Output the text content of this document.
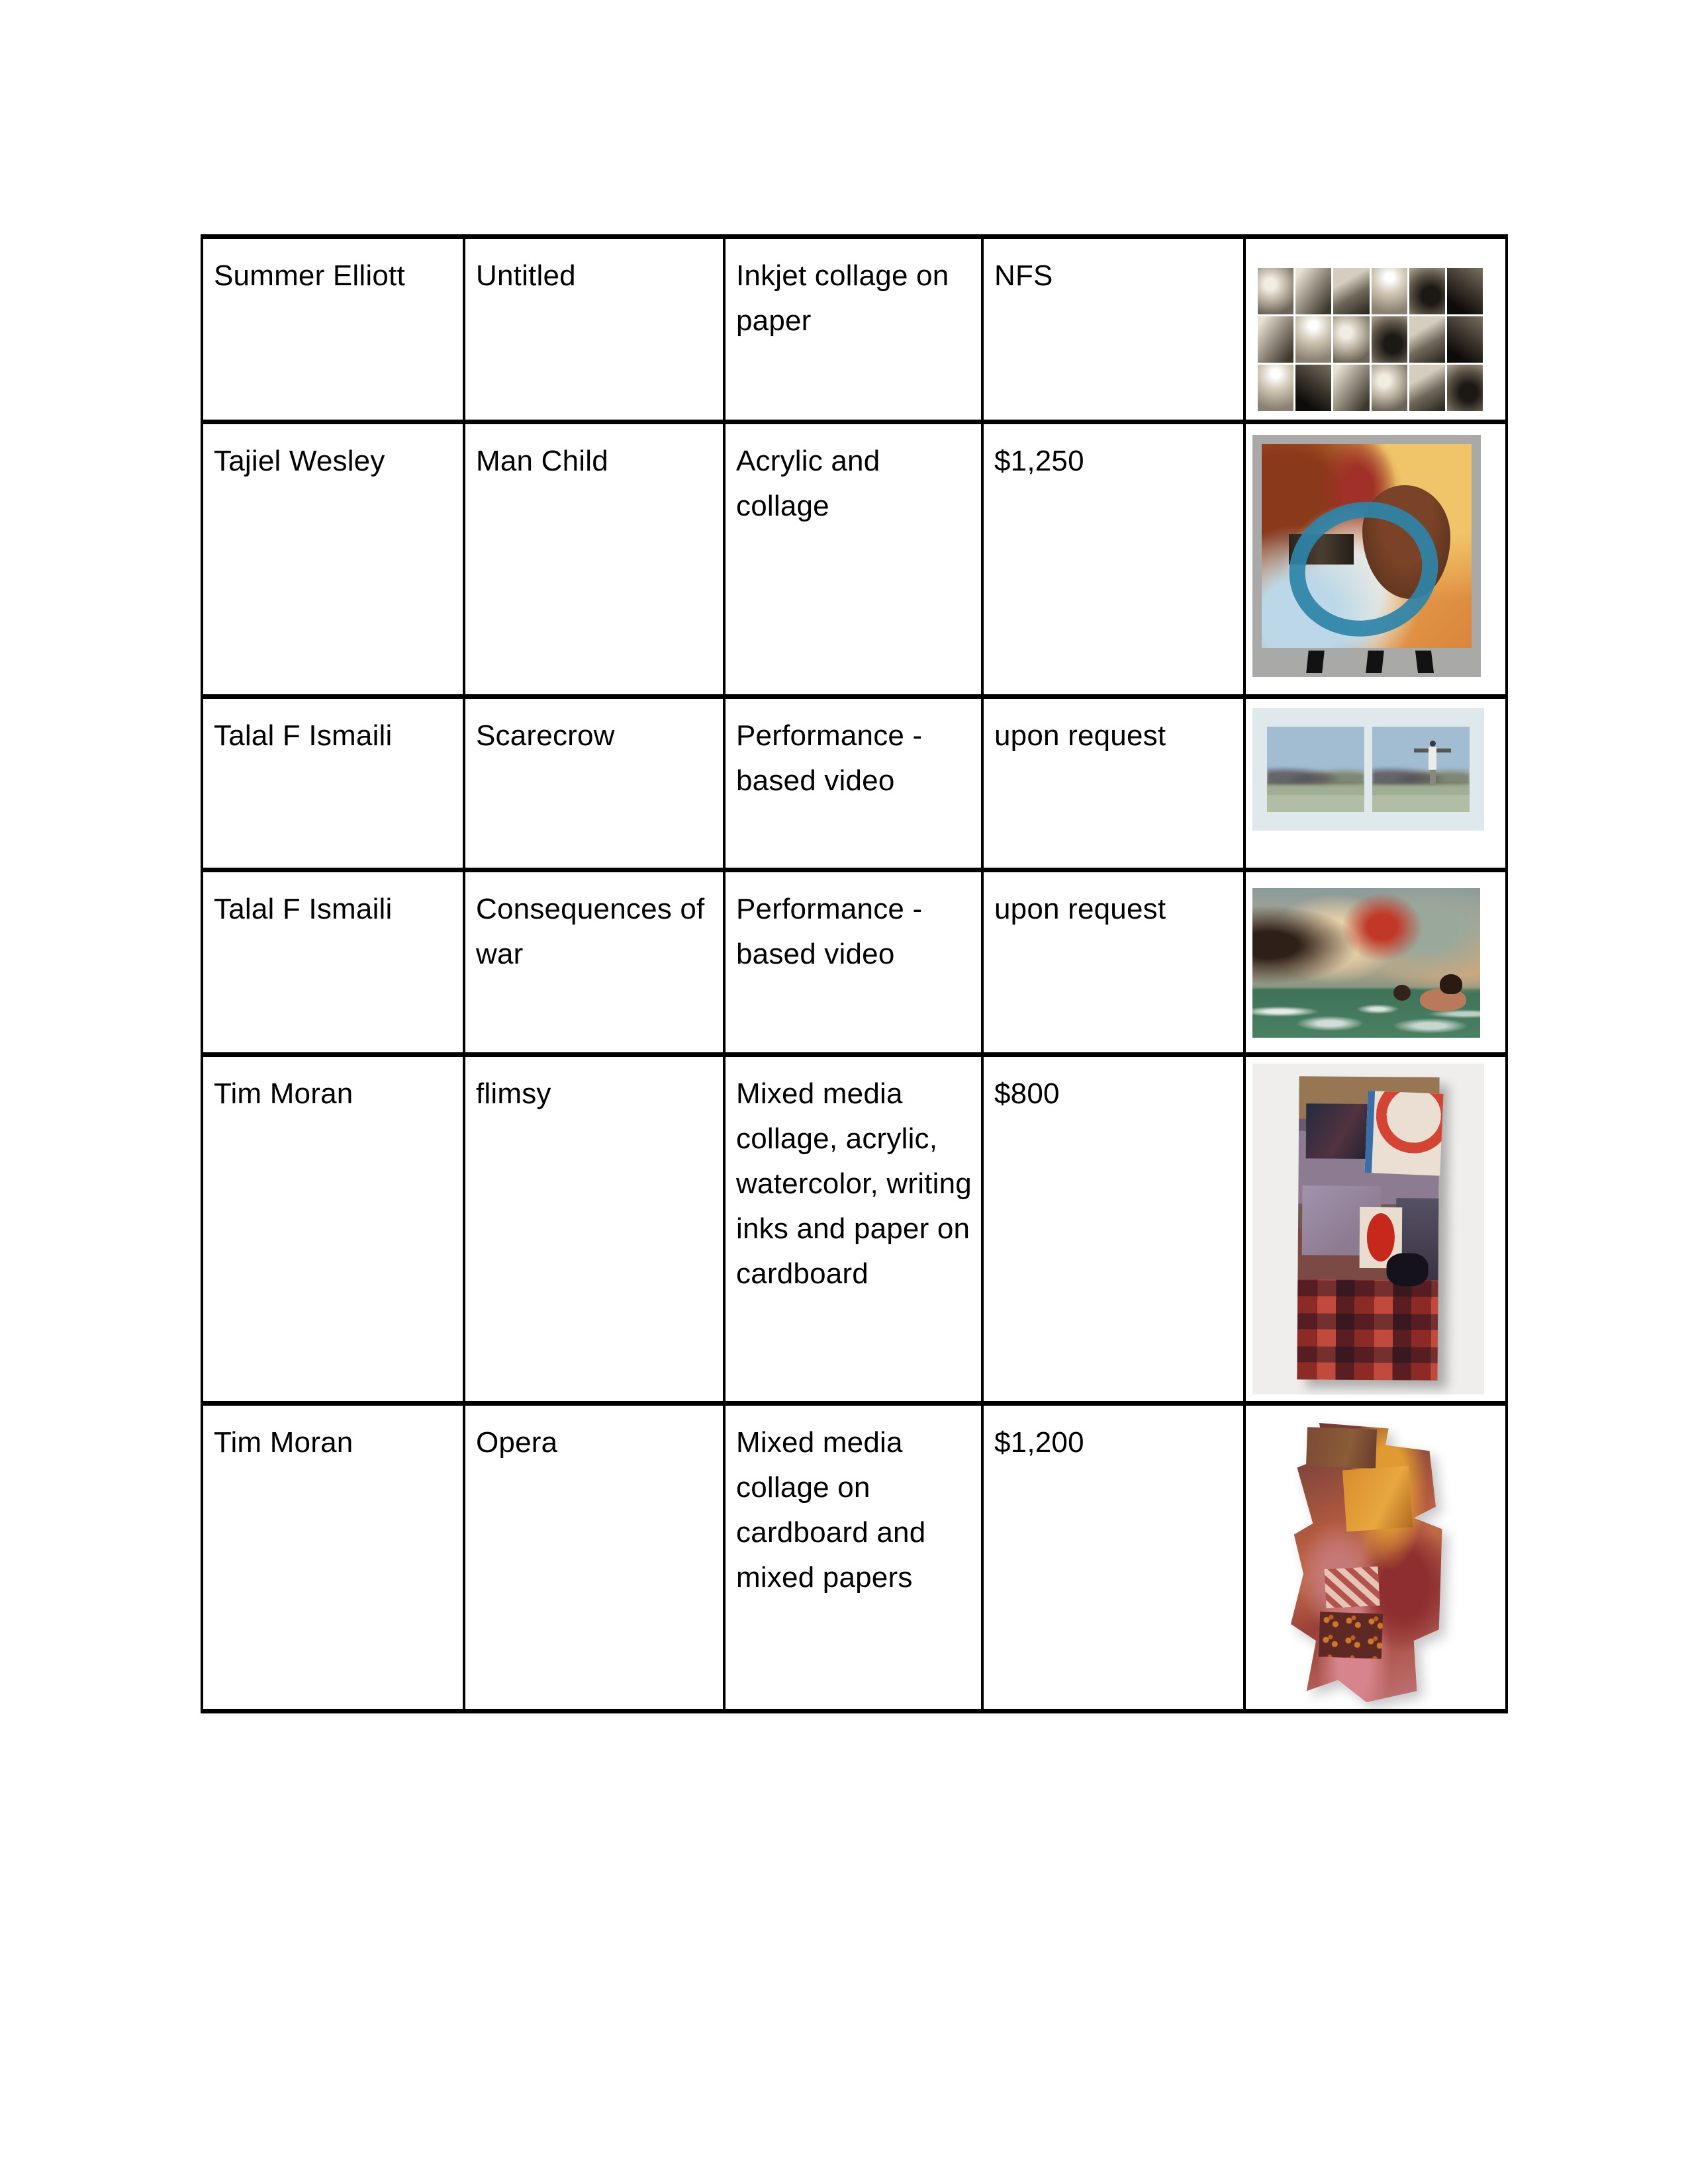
Summer Elliott	Untitled	Inkjet collage on paper	NFS	

Tajiel Wesley	Man Child	Acrylic and collage	$1,250	

Talal F Ismaili	Scarecrow	Performance -based video	upon request	

Talal F Ismaili	Consequences of war	Performance -based video	upon request	

Tim Moran	flimsy	Mixed media collage, acrylic, watercolor, writing inks and paper on cardboard	$800	

Tim Moran	Opera	Mixed media collage on cardboard and mixed papers	$1,200	
